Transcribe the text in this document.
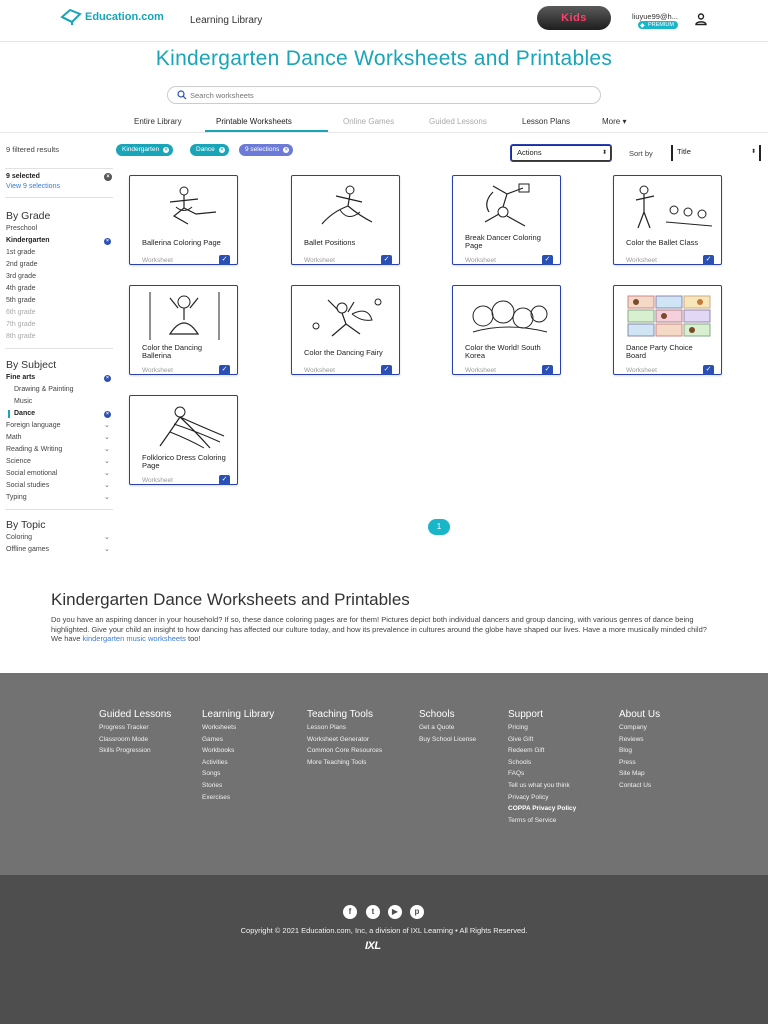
Education.com	Learning Library	Kids	liuyue99@h...
◆ PREMIUM
Kindergarten Dance Worksheets and Printables
Search worksheets
Entire Library	Printable Worksheets	Online Games	Guided Lessons	Lesson Plans	More ▾
9 filtered results	Kindergarten	×	Dance	×	9 selections	×	Actions	⬍	Sort by	Title	⬍
9 selected	×
View 9 selections
By Grade
Preschool
Kindergarten	×
1st grade
2nd grade
3rd grade
4th grade
5th grade
6th grade
7th grade
8th grade
By Subject
Fine arts	×
Drawing & Painting
Music
Dance	×
Foreign language	⌄
Math	⌄
Reading & Writing	⌄
Science	⌄
Social emotional	⌄
Social studies	⌄
Typing	⌄
By Topic
Coloring	⌄
Offline games	⌄
Ballerina Coloring Page
Worksheet	✓
Ballet Positions
Worksheet	✓
Break Dancer Coloring Page
Worksheet	✓
Color the Ballet Class
Worksheet	✓
Color the Dancing Ballerina
Worksheet	✓
Color the Dancing Fairy
Worksheet	✓
Color the World! South Korea
Worksheet	✓
Dance Party Choice Board
Worksheet	✓
Folklorico Dress Coloring Page
Worksheet	✓
1
Kindergarten Dance Worksheets and Printables

Do you have an aspiring dancer in your household? If so, these dance coloring pages are for them! Pictures depict both individual dancers and group dancing, with various genres of dance being highlighted. Give your child an insight to how dancing has affected our culture today, and how its prevalence in cultures around the globe have shaped our lives. Have a more musically minded child? We have kindergarten music worksheets too!

Guided Lessons
Progress Tracker
Classroom Mode
Skills Progression
Learning Library
Worksheets
Games
Workbooks
Activities
Songs
Stories
Exercises
Teaching Tools
Lesson Plans
Worksheet Generator
Common Core Resources
More Teaching Tools
Schools
Get a Quote
Buy School License
Support
Pricing
Give Gift
Redeem Gift
Schools
FAQs
Tell us what you think
Privacy Policy
COPPA Privacy Policy
Terms of Service
About Us
Company
Reviews
Blog
Press
Site Map
Contact Us
f	t	▶	p
Copyright © 2021 Education.com, Inc, a division of IXL Learning • All Rights Reserved.
IXL
